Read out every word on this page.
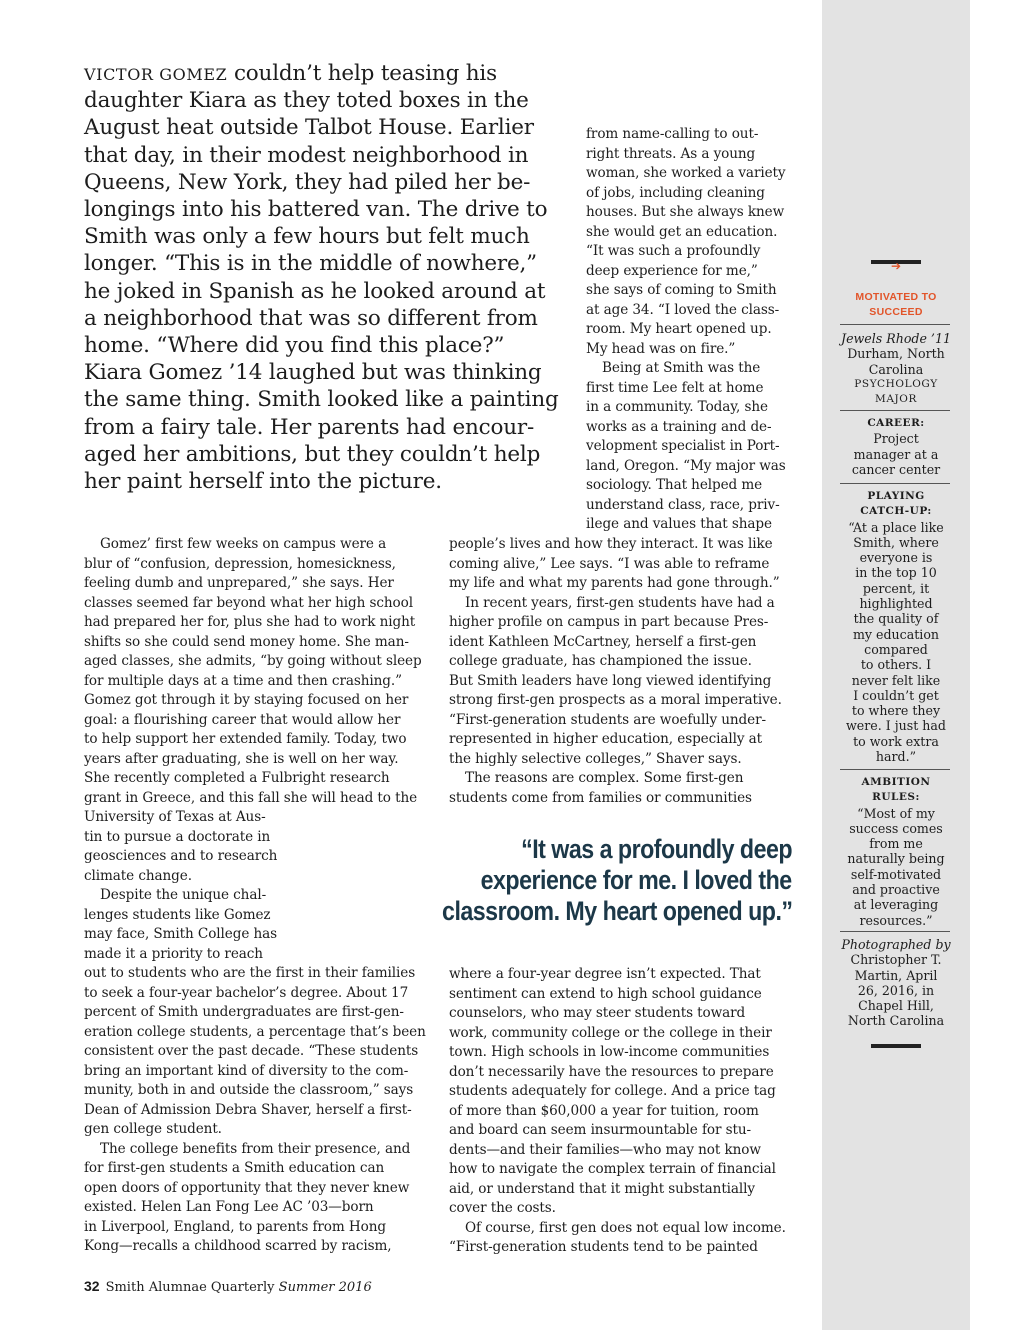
VICTOR GOMEZ couldn’t help teasing his
daughter Kiara as they toted boxes in the
August heat outside Talbot House. Earlier
that day, in their modest neighborhood in
Queens, New York, they had piled her be-
longings into his battered van. The drive to
Smith was only a few hours but felt much
longer. “This is in the middle of nowhere,”
he joked in Spanish as he looked around at
a neighborhood that was so different from
home. “Where did you find this place?”
Kiara Gomez ’14 laughed but was thinking
the same thing. Smith looked like a painting
from a fairy tale. Her parents had encour-
aged her ambitions, but they couldn’t help
her paint herself into the picture.
from name-calling to out-
right threats. As a young
woman, she worked a variety
of jobs, including cleaning
houses. But she always knew
she would get an education.
“It was such a profoundly
deep experience for me,”
she says of coming to Smith
at age 34. “I loved the class-
room. My heart opened up.
My head was on fire.”
Being at Smith was the
first time Lee felt at home
in a community. Today, she
works as a training and de-
velopment specialist in Port-
land, Oregon. “My major was
sociology. That helped me
understand class, race, priv-
ilege and values that shape
Gomez’ first few weeks on campus were a
blur of “confusion, depression, homesickness,
feeling dumb and unprepared,” she says. Her
classes seemed far beyond what her high school
had prepared her for, plus she had to work night
shifts so she could send money home. She man-
aged classes, she admits, “by going without sleep
for multiple days at a time and then crashing.”
Gomez got through it by staying focused on her
goal: a flourishing career that would allow her
to help support her extended family. Today, two
years after graduating, she is well on her way.
She recently completed a Fulbright research
grant in Greece, and this fall she will head to the
University of Texas at Aus-
tin to pursue a doctorate in
geosciences and to research
climate change.
Despite the unique chal-
lenges students like Gomez
may face, Smith College has
made it a priority to reach
out to students who are the first in their families
to seek a four-year bachelor’s degree. About 17
percent of Smith undergraduates are first-gen-
eration college students, a percentage that’s been
consistent over the past decade. “These students
bring an important kind of diversity to the com-
munity, both in and outside the classroom,” says
Dean of Admission Debra Shaver, herself a first-
gen college student.
The college benefits from their presence, and
for first-gen students a Smith education can
open doors of opportunity that they never knew
existed. Helen Lan Fong Lee AC ’03—born
in Liverpool, England, to parents from Hong
Kong—recalls a childhood scarred by racism,
people’s lives and how they interact. It was like
coming alive,” Lee says. “I was able to reframe
my life and what my parents had gone through.”
In recent years, first-gen students have had a
higher profile on campus in part because Pres-
ident Kathleen McCartney, herself a first-gen
college graduate, has championed the issue.
But Smith leaders have long viewed identifying
strong first-gen prospects as a moral imperative.
“First-generation students are woefully under-
represented in higher education, especially at
the highly selective colleges,” Shaver says.
The reasons are complex. Some first-gen
students come from families or communities
“It was a profoundly deep
experience for me. I loved the
classroom. My heart opened up.”
where a four-year degree isn’t expected. That
sentiment can extend to high school guidance
counselors, who may steer students toward
work, community college or the college in their
town. High schools in low-income communities
don’t necessarily have the resources to prepare
students adequately for college. And a price tag
of more than $60,000 a year for tuition, room
and board can seem insurmountable for stu-
dents—and their families—who may not know
how to navigate the complex terrain of financial
aid, or understand that it might substantially
cover the costs.
Of course, first gen does not equal low income.
“First-generation students tend to be painted
➔
MOTIVATED TO
SUCCEED
Jewels Rhode ’11
Durham, North
Carolina
PSYCHOLOGY
MAJOR
CAREER:
Project
manager at a
cancer center
PLAYING
CATCH-UP:
“At a place like
Smith, where
everyone is
in the top 10
percent, it
highlighted
the quality of
my education
compared
to others. I
never felt like
I couldn’t get
to where they
were. I just had
to work extra
hard.”
AMBITION
RULES:
“Most of my
success comes
from me
naturally being
self-motivated
and proactive
at leveraging
resources.”
Photographed by
Christopher T.
Martin, April
26, 2016, in
Chapel Hill,
North Carolina
32 Smith Alumnae Quarterly Summer 2016
